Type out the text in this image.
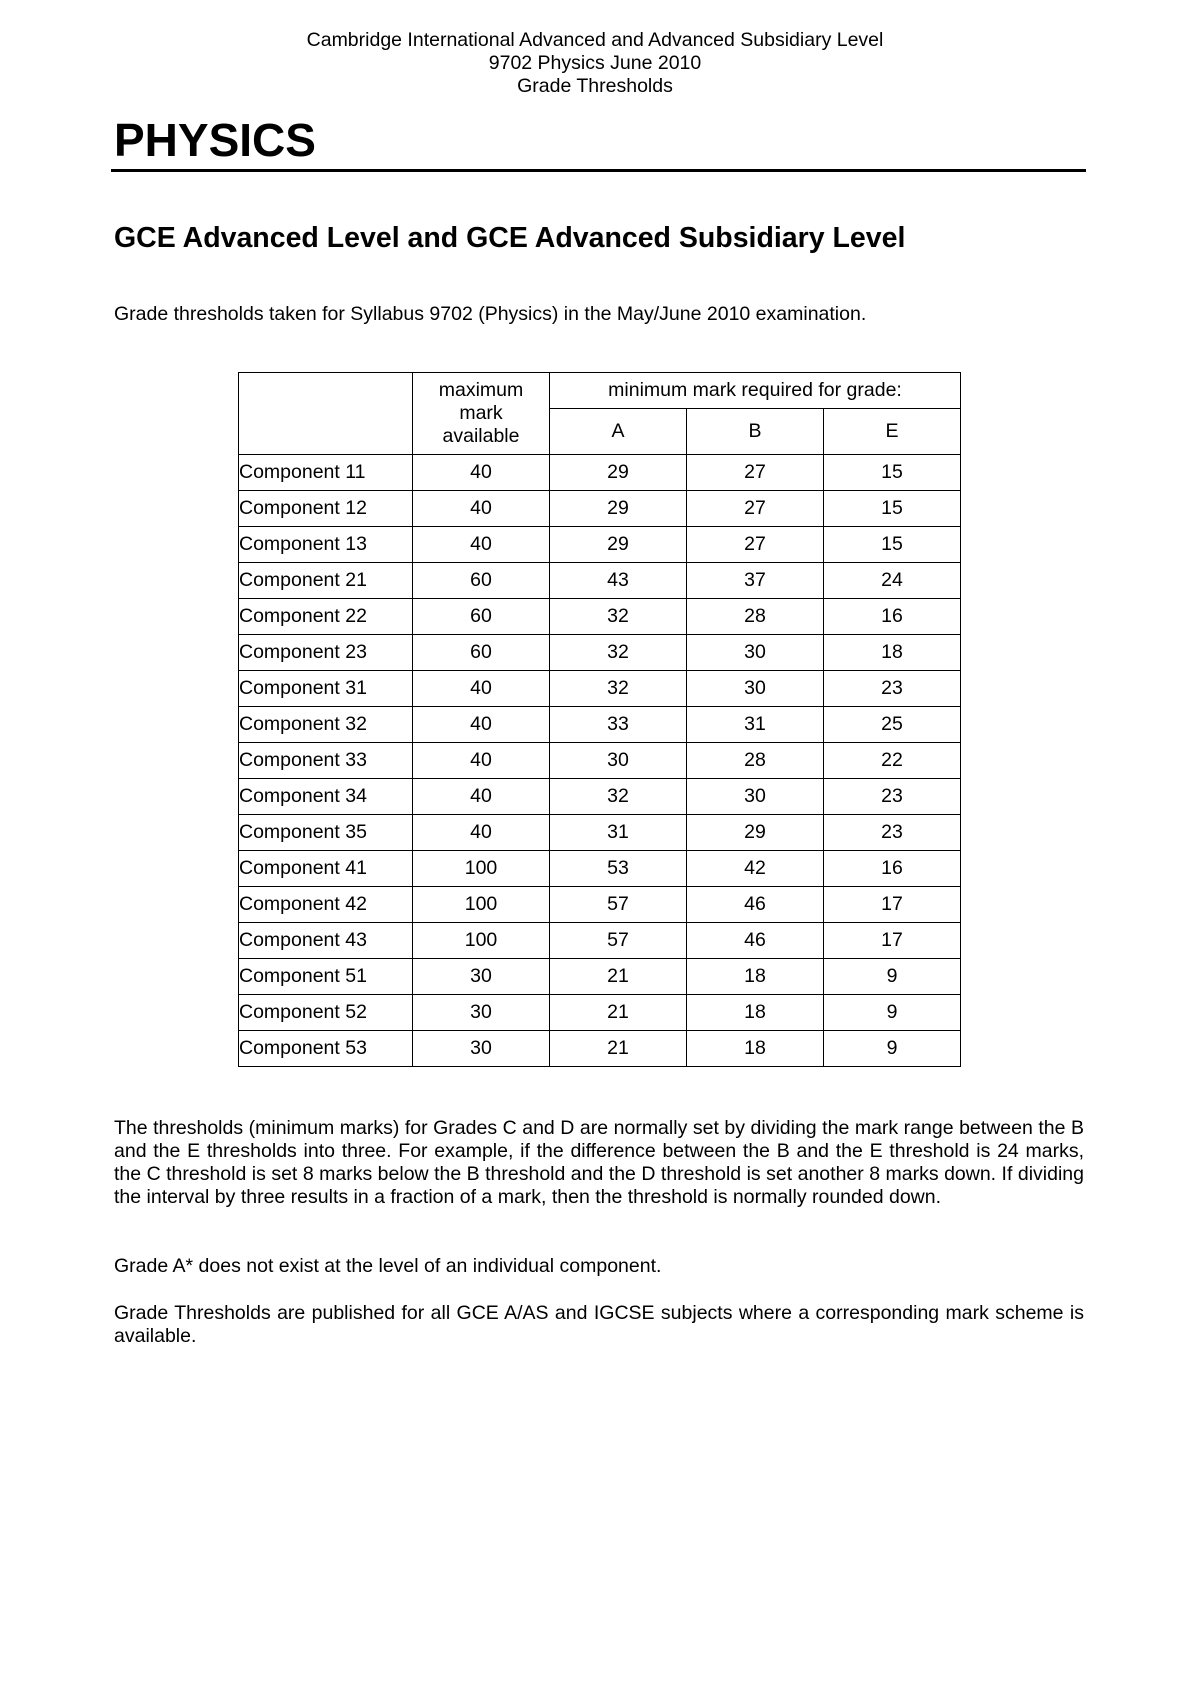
Cambridge International Advanced and Advanced Subsidiary Level
9702 Physics June 2010
Grade Thresholds
PHYSICS
GCE Advanced Level and GCE Advanced Subsidiary Level

Grade thresholds taken for Syllabus 9702 (Physics) in the May/June 2010 examination.

	maximum
mark
available	minimum mark required for grade:		
		A	B	E
Component 11	40	29	27	15
Component 12	40	29	27	15
Component 13	40	29	27	15
Component 21	60	43	37	24
Component 22	60	32	28	16
Component 23	60	32	30	18
Component 31	40	32	30	23
Component 32	40	33	31	25
Component 33	40	30	28	22
Component 34	40	32	30	23
Component 35	40	31	29	23
Component 41	100	53	42	16
Component 42	100	57	46	17
Component 43	100	57	46	17
Component 51	30	21	18	9
Component 52	30	21	18	9
Component 53	30	21	18	9

The thresholds (minimum marks) for Grades C and D are normally set by dividing the mark range between the B and the E thresholds into three. For example, if the difference between the B and the E threshold is 24 marks, the C threshold is set 8 marks below the B threshold and the D threshold is set another 8 marks down. If dividing the interval by three results in a fraction of a mark, then the threshold is normally rounded down.

Grade A* does not exist at the level of an individual component.

Grade Thresholds are published for all GCE A/AS and IGCSE subjects where a corresponding mark scheme is available.
